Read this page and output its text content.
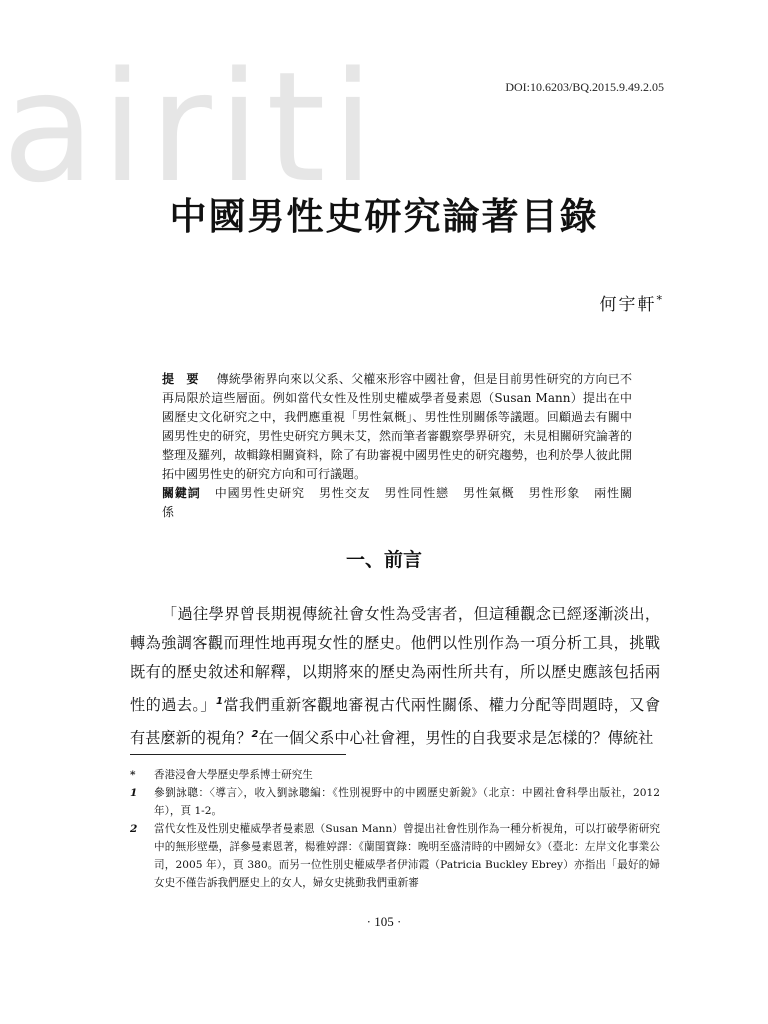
airiti	DOI:10.6203/BQ.2015.9.49.2.05
中國男性史研究論著目錄
何宇軒*
提　要 傳統學術界向來以父系、父權來形容中國社會，但是目前男性研究的方向已不再局限於這些層面。例如當代女性及性別史權威學者曼素恩（Susan Mann）提出在中國歷史文化研究之中，我們應重視「男性氣概」、男性性別關係等議題。回顧過去有關中國男性史的研究，男性史研究方興未艾，然而筆者審觀察學界研究，未見相關研究論著的整理及羅列，故輯錄相關資料，除了有助審視中國男性史的研究趨勢，也利於學人彼此開拓中國男性史的研究方向和可行議題。
關鍵詞 中國男性史研究 男性交友 男性同性戀 男性氣概 男性形象 兩性關係
一、前言

「過往學界曾長期視傳統社會女性為受害者，但這種觀念已經逐漸淡出，轉為強調客觀而理性地再現女性的歷史。他們以性別作為一項分析工具，挑戰既有的歷史敘述和解釋，以期將來的歷史為兩性所共有，所以歷史應該包括兩性的過去。」$^1$當我們重新客觀地審視古代兩性關係、權力分配等問題時，又會有甚麼新的視角？$^2$在一個父系中心社會裡，男性的自我要求是怎樣的？傳統社

*	香港浸會大學歷史學系博士研究生
1	參劉詠聰：〈導言〉，收入劉詠聰編：《性別視野中的中國歷史新銳》（北京：中國社會科學出版社，2012 年），頁 1-2。
2	當代女性及性別史權威學者曼素恩（Susan Mann）曾提出社會性別作為一種分析視角，可以打破學術研究中的無形壁壘，詳參曼素恩著，楊雅婷譯：《蘭閨寶錄：晚明至盛清時的中國婦女》（臺北：左岸文化事業公司，2005 年），頁 380。而另一位性別史權威學者伊沛霞（Patricia Buckley Ebrey）亦指出「最好的婦女史不僅告訴我們歷史上的女人，婦女史挑動我們重新審
· 105 ·
